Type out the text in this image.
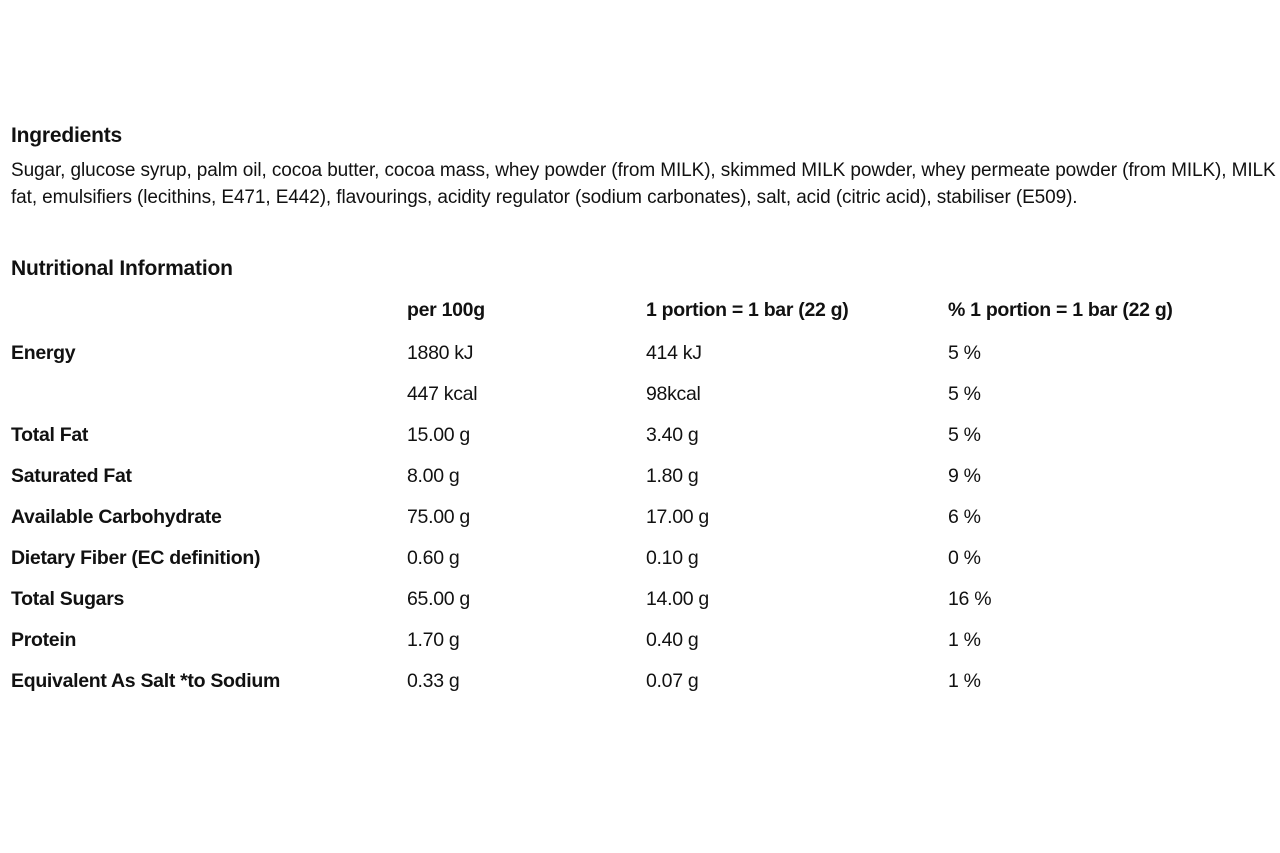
Ingredients

Sugar, glucose syrup, palm oil, cocoa butter, cocoa mass, whey powder (from MILK), skimmed MILK powder, whey permeate powder (from MILK), MILK fat, emulsifiers (lecithins, E471, E442), flavourings, acidity regulator (sodium carbonates), salt, acid (citric acid), stabiliser (E509).

Nutritional Information
	per 100g	1 portion = 1 bar (22 g)	% 1 portion = 1 bar (22 g)
Energy	1880 kJ	414 kJ	5 %
	447 kcal	98kcal	5 %
Total Fat	15.00 g	3.40 g	5 %
Saturated Fat	8.00 g	1.80 g	9 %
Available Carbohydrate	75.00 g	17.00 g	6 %
Dietary Fiber (EC definition)	0.60 g	0.10 g	0 %
Total Sugars	65.00 g	14.00 g	16 %
Protein	1.70 g	0.40 g	1 %
Equivalent As Salt *to Sodium	0.33 g	0.07 g	1 %
